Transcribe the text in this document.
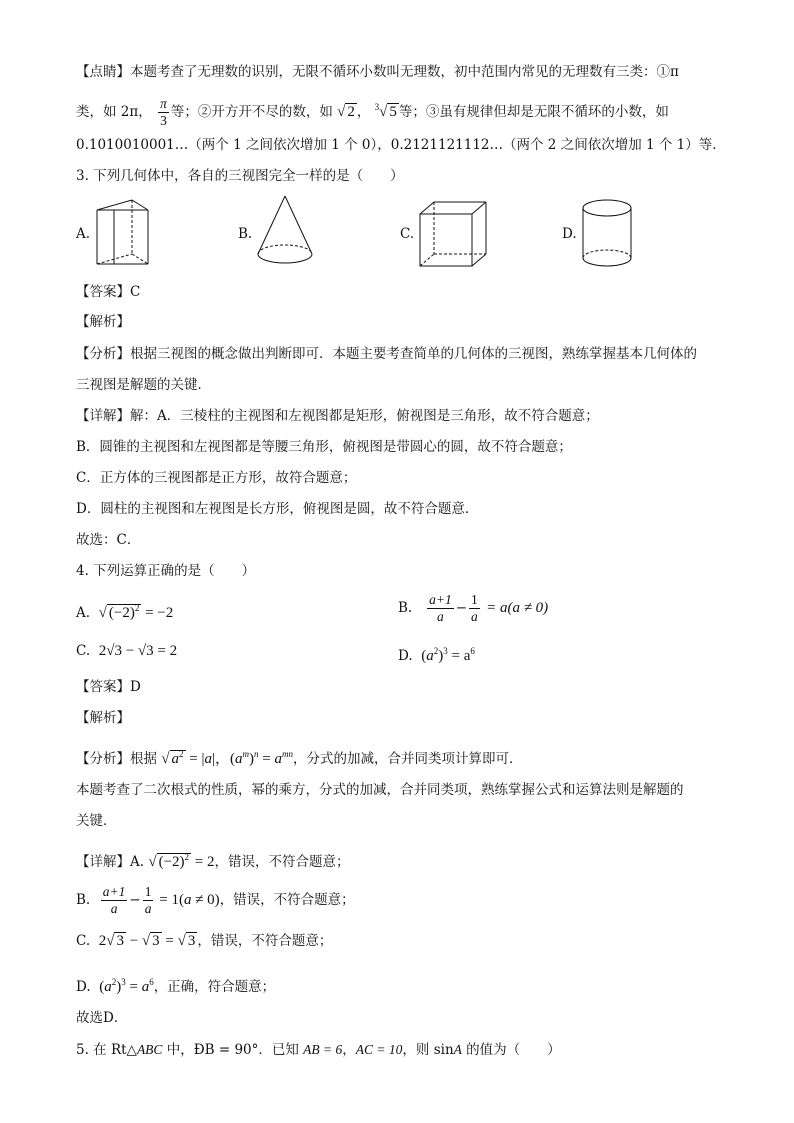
【点睛】本题考查了无理数的识别，无限不循环小数叫无理数，初中范围内常见的无理数有三类：①π
类，如 2π， $\frac{\pi}{3}$ 等；②开方开不尽的数，如 √ 2 ， $^3$√ 5 等；③虽有规律但却是无限不循环的小数，如
0.1010010001…（两个 1 之间依次增加 1 个 0），0.2121121112…（两个 2 之间依次增加 1 个 1）等．
3. 下列几何体中，各自的三视图完全一样的是（　　）
A.	B.	C.	D.
【答案】C
【解析】
【分析】根据三视图的概念做出判断即可．本题主要考查简单的几何体的三视图，熟练掌握基本几何体的
三视图是解题的关键．
【详解】解：A．三棱柱的主视图和左视图都是矩形，俯视图是三角形，故不符合题意；
B．圆锥的主视图和左视图都是等腰三角形，俯视图是带圆心的圆，故不符合题意；
C．正方体的三视图都是正方形，故符合题意；
D．圆柱的主视图和左视图是长方形，俯视图是圆，故不符合题意．
故选：C．
4. 下列运算正确的是（　　）
A. √ $(-2)^2 = -2$	B. $\frac{a+1}{a} - \frac{1}{a} = a(a \ne 0)$
C. 2√3 − √3 = 2	D. $(a^2)^3 = a^6$
【答案】D
【解析】
【分析】根据 √ $a^2 = |a|$，$(a^m)^n = a^{mn}$，分式的加减，合并同类项计算即可．
本题考查了二次根式的性质，幂的乘方，分式的加减，合并同类项，熟练掌握公式和运算法则是解题的
关键．
【详解】A. √ $(-2)^2 = 2$，错误，不符合题意；
B. $\frac{a+1}{a} - \frac{1}{a} = 1(a \ne 0)$，错误，不符合题意；
C.  2√ 3 − √ 3 = √ 3 ，错误，不符合题意；
D.  $(a^2)^3 = a^6$，正确，符合题意；
故选D．
5. 在 Rt△ABC 中，ÐB = 90°．已知 AB = 6，AC = 10，则 sinA 的值为（　　）
